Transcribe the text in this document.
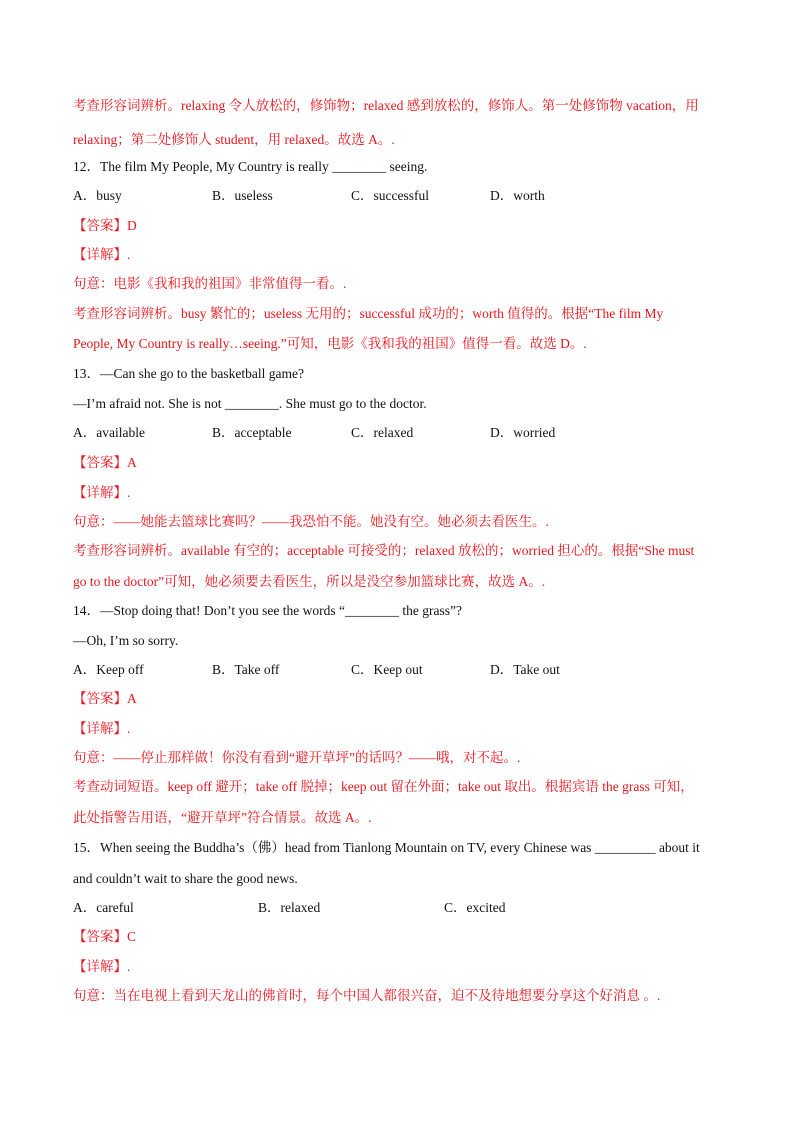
考查形容词辨析。relaxing 令人放松的，修饰物；relaxed 感到放松的，修饰人。第一处修饰物 vacation，用
relaxing；第二处修饰人 student，用 relaxed。故选 A。.
12．The film My People, My Country is really ________ seeing.
A．busy	B．useless	C．successful	D．worth
【答案】D
【详解】.
句意：电影《我和我的祖国》非常值得一看。.
考查形容词辨析。busy 繁忙的；useless 无用的；successful 成功的；worth 值得的。根据“The film My
People, My Country is really…seeing.”可知，电影《我和我的祖国》值得一看。故选 D。.
13．—Can she go to the basketball game?
—I’m afraid not. She is not ________. She must go to the doctor.
A．available	B．acceptable	C．relaxed	D．worried
【答案】A
【详解】.
句意：——她能去篮球比赛吗？——我恐怕不能。她没有空。她必须去看医生。.
考查形容词辨析。available 有空的；acceptable 可接受的；relaxed 放松的；worried 担心的。根据“She must
go to the doctor”可知，她必须要去看医生，所以是没空参加篮球比赛，故选 A。.
14．—Stop doing that! Don’t you see the words “________ the grass”?
—Oh, I’m so sorry.
A．Keep off	B．Take off	C．Keep out	D．Take out
【答案】A
【详解】.
句意：——停止那样做！你没有看到“避开草坪”的话吗？——哦，对不起。.
考查动词短语。keep off 避开；take off 脱掉；keep out 留在外面；take out 取出。根据宾语 the grass 可知，
此处指警告用语，“避开草坪”符合情景。故选 A。.
15．When seeing the Buddha’s（佛）head from Tianlong Mountain on TV, every Chinese was _________ about it
and couldn’t wait to share the good news.
A．careful	B．relaxed	C．excited
【答案】C
【详解】.
句意：当在电视上看到天龙山的佛首时，每个中国人都很兴奋，迫不及待地想要分享这个好消息 。.
